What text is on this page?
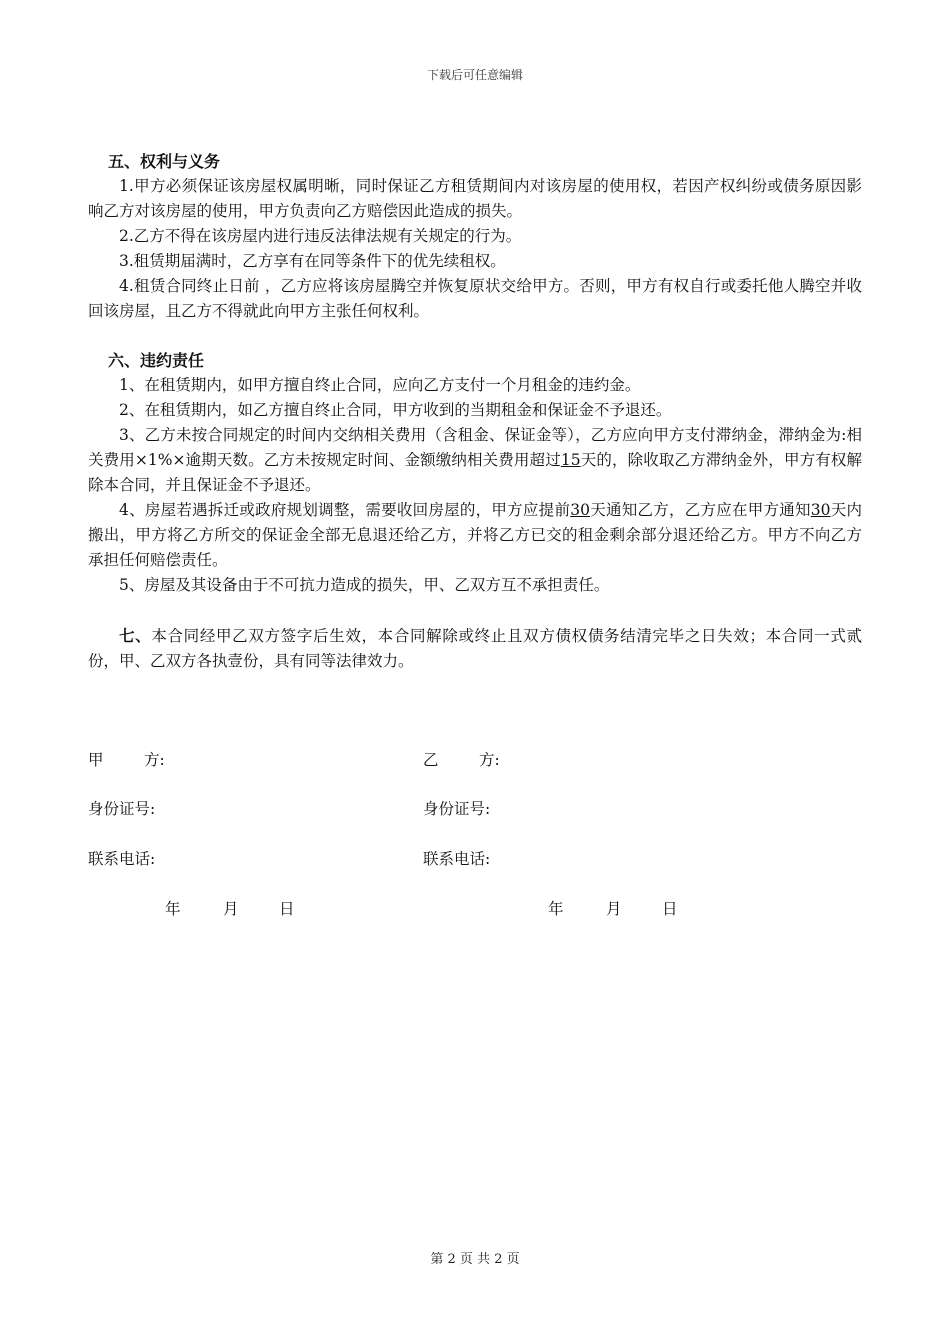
下载后可任意编辑
五、权利与义务

1.甲方必须保证该房屋权属明晰，同时保证乙方租赁期间内对该房屋的使用权，若因产权纠纷或债务原因影响乙方对该房屋的使用，甲方负责向乙方赔偿因此造成的损失。

2.乙方不得在该房屋内进行违反法律法规有关规定的行为。

3.租赁期届满时，乙方享有在同等条件下的优先续租权。

4.租赁合同终止日前 ，乙方应将该房屋腾空并恢复原状交给甲方。否则，甲方有权自行或委托他人腾空并收回该房屋，且乙方不得就此向甲方主张任何权利。

六、违约责任

1、在租赁期内，如甲方擅自终止合同，应向乙方支付一个月租金的违约金。

2、在租赁期内，如乙方擅自终止合同，甲方收到的当期租金和保证金不予退还。

3、乙方未按合同规定的时间内交纳相关费用（含租金、保证金等），乙方应向甲方支付滞纳金，滞纳金为:相关费用×1%×逾期天数。乙方未按规定时间、金额缴纳相关费用超过15天的，除收取乙方滞纳金外，甲方有权解除本合同，并且保证金不予退还。

4、房屋若遇拆迁或政府规划调整，需要收回房屋的，甲方应提前30天通知乙方，乙方应在甲方通知30天内搬出，甲方将乙方所交的保证金全部无息退还给乙方，并将乙方已交的租金剩余部分退还给乙方。甲方不向乙方承担任何赔偿责任。

5、房屋及其设备由于不可抗力造成的损失，甲、乙双方互不承担责任。

七、本合同经甲乙双方签字后生效，本合同解除或终止且双方债权债务结清完毕之日失效；本合同一式贰份，甲、乙双方各执壹份，具有同等法律效力。

甲	方:	乙	方:
身份证号:	身份证号:
联系电话:	联系电话:
年	月	日	年	月	日
第 2 页 共 2 页
